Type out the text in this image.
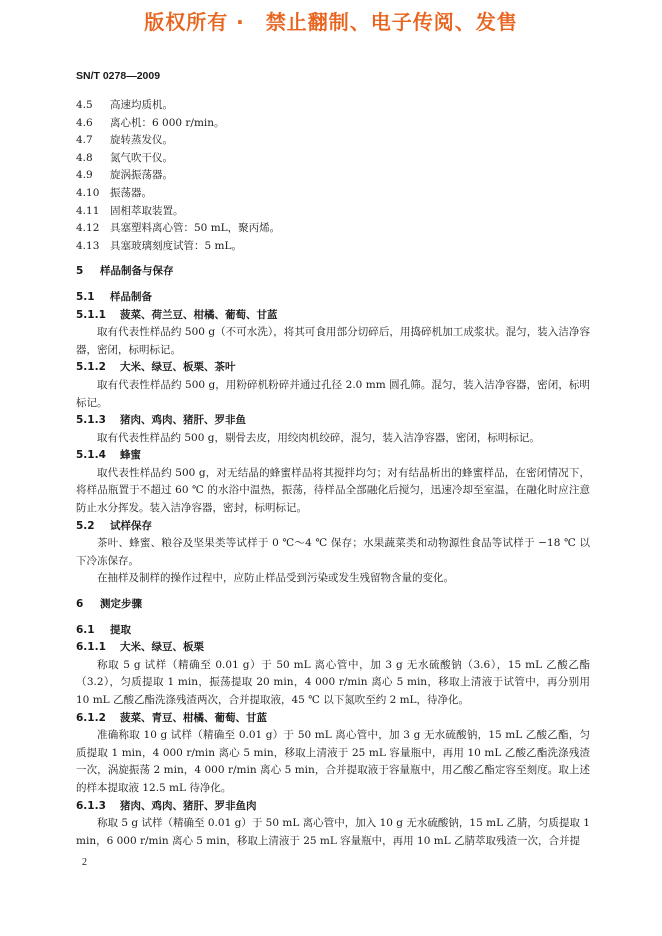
版权所有 ·　禁止翻制、电子传阅、发售
SN/T 0278—2009
4.5 高速均质机。
4.6 离心机：6 000 r/min。
4.7 旋转蒸发仪。
4.8 氮气吹干仪。
4.9 旋涡振荡器。
4.10 振荡器。
4.11 固相萃取装置。
4.12 具塞塑料离心管：50 mL，聚丙烯。
4.13 具塞玻璃刻度试管：5 mL。
5 样品制备与保存
5.1 样品制备
5.1.1 菠菜、荷兰豆、柑橘、葡萄、甘蓝
取有代表性样品约 500 g（不可水洗），将其可食用部分切碎后，用捣碎机加工成浆状。混匀，装入洁净容器，密闭，标明标记。
5.1.2 大米、绿豆、板栗、茶叶
取有代表性样品约 500 g，用粉碎机粉碎并通过孔径 2.0 mm 圆孔筛。混匀，装入洁净容器，密闭，标明标记。
5.1.3 猪肉、鸡肉、猪肝、罗非鱼
取有代表性样品约 500 g，剔骨去皮，用绞肉机绞碎，混匀，装入洁净容器，密闭，标明标记。
5.1.4 蜂蜜
取代表性样品约 500 g，对无结晶的蜂蜜样品将其搅拌均匀；对有结晶析出的蜂蜜样品，在密闭情况下，将样品瓶置于不超过 60 ℃ 的水浴中温热，振荡，待样品全部融化后搅匀，迅速冷却至室温，在融化时应注意防止水分挥发。装入洁净容器，密封，标明标记。
5.2 试样保存
茶叶、蜂蜜、粮谷及坚果类等试样于 0 ℃～4 ℃ 保存；水果蔬菜类和动物源性食品等试样于 −18 ℃ 以下冷冻保存。
在抽样及制样的操作过程中，应防止样品受到污染或发生残留物含量的变化。
6 测定步骤
6.1 提取
6.1.1 大米、绿豆、板栗
称取 5 g 试样（精确至 0.01 g）于 50 mL 离心管中，加 3 g 无水硫酸钠（3.6），15 mL 乙酸乙酯（3.2），匀质提取 1 min，振荡提取 20 min，4 000 r/min 离心 5 min，移取上清液于试管中，再分别用 10 mL 乙酸乙酯洗涤残渣两次，合并提取液，45 ℃ 以下氮吹至约 2 mL，待净化。
6.1.2 菠菜、青豆、柑橘、葡萄、甘蓝
准确称取 10 g 试样（精确至 0.01 g）于 50 mL 离心管中，加 3 g 无水硫酸钠，15 mL 乙酸乙酯，匀质提取 1 min，4 000 r/min 离心 5 min，移取上清液于 25 mL 容量瓶中，再用 10 mL 乙酸乙酯洗涤残渣一次，涡旋振荡 2 min，4 000 r/min 离心 5 min，合并提取液于容量瓶中，用乙酸乙酯定容至刻度。取上述的样本提取液 12.5 mL 待净化。
6.1.3 猪肉、鸡肉、猪肝、罗非鱼肉
称取 5 g 试样（精确至 0.01 g）于 50 mL 离心管中，加入 10 g 无水硫酸钠，15 mL 乙腈，匀质提取 1 min，6 000 r/min 离心 5 min，移取上清液于 25 mL 容量瓶中，再用 10 mL 乙腈萃取残渣一次，合并提
2
